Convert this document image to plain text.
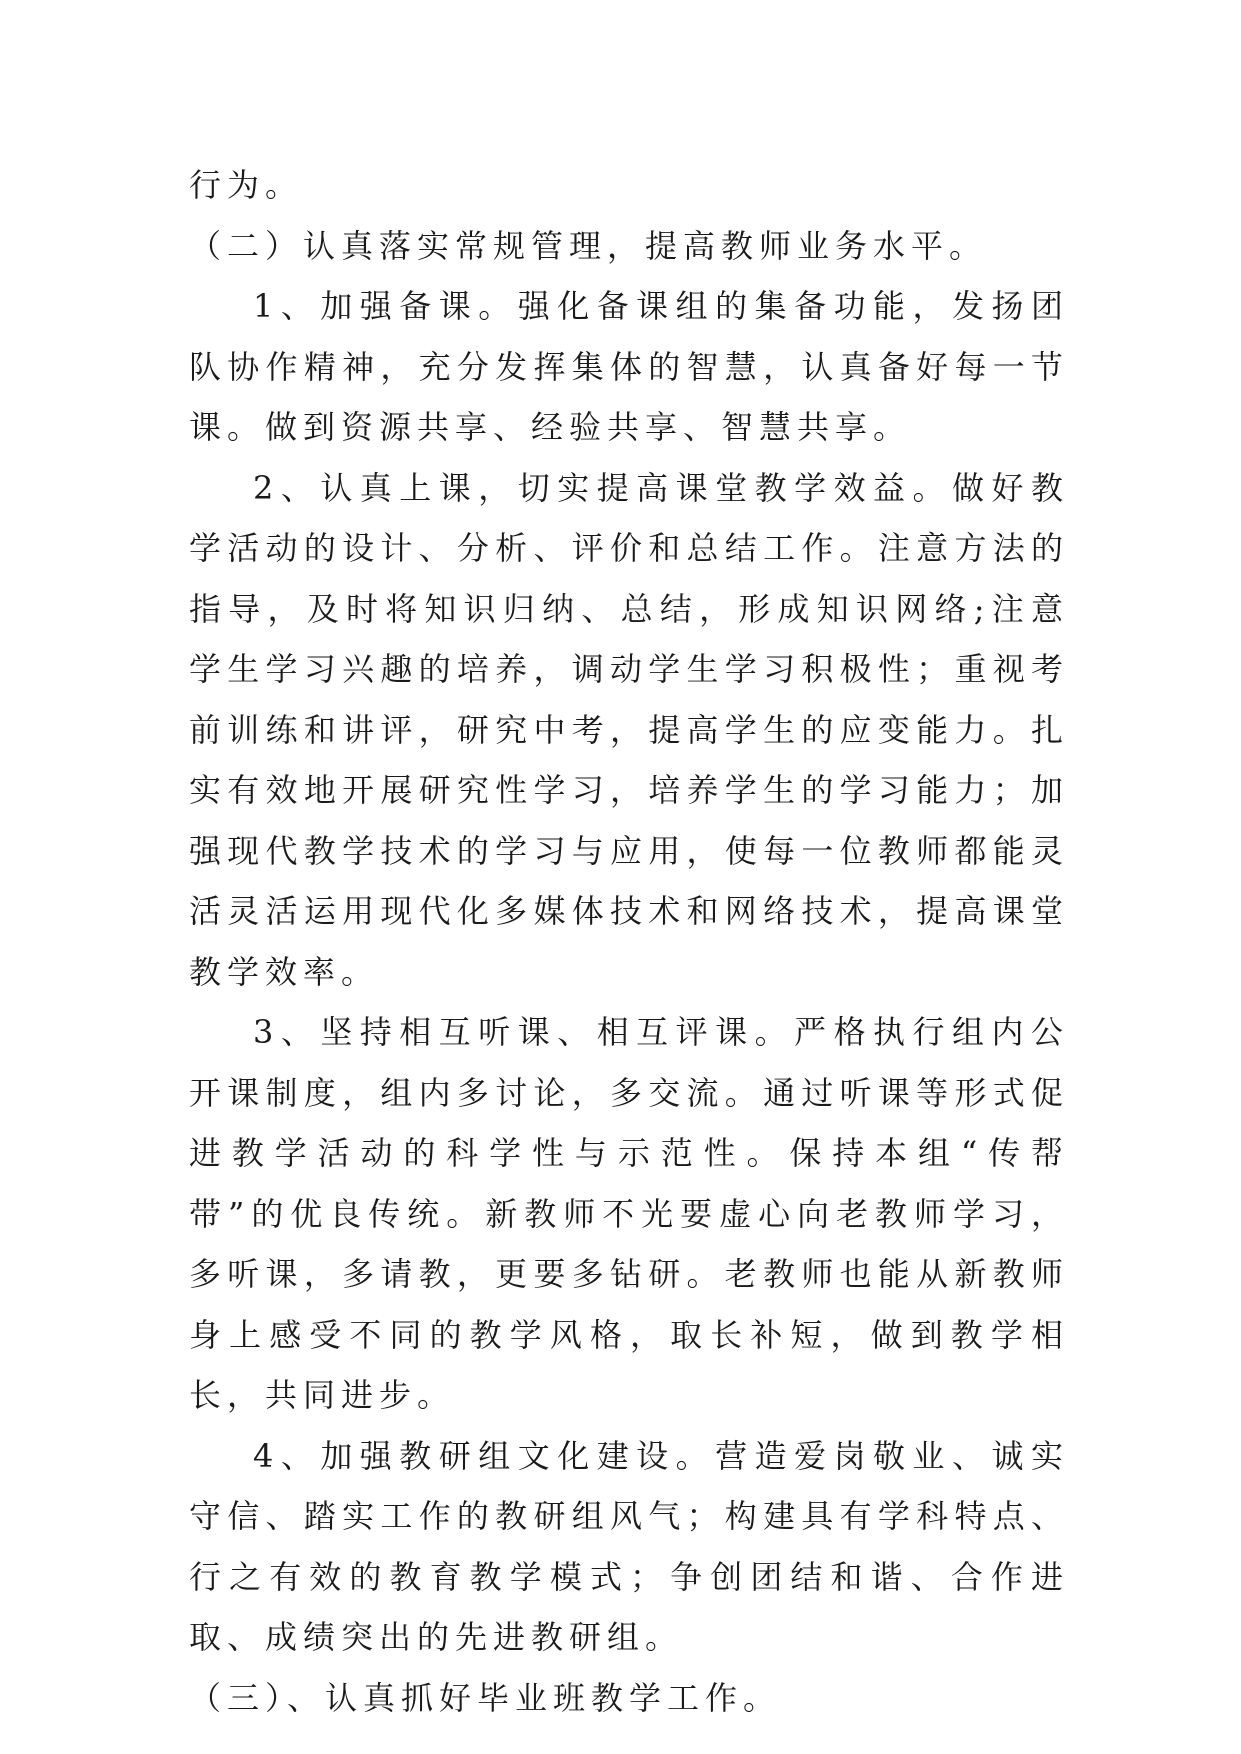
行为。

（二）认真落实常规管理，提高教师业务水平。

1、加强备课。强化备课组的集备功能，发扬团队协作精神，充分发挥集体的智慧，认真备好每一节课。做到资源共享、经验共享、智慧共享。

2、认真上课，切实提高课堂教学效益。做好教学活动的设计、分析、评价和总结工作。注意方法的指导，及时将知识归纳、总结，形成知识网络;注意学生学习兴趣的培养，调动学生学习积极性；重视考前训练和讲评，研究中考，提高学生的应变能力。扎实有效地开展研究性学习，培养学生的学习能力；加强现代教学技术的学习与应用，使每一位教师都能灵活灵活运用现代化多媒体技术和网络技术，提高课堂教学效率。

3、坚持相互听课、相互评课。严格执行组内公开课制度，组内多讨论，多交流。通过听课等形式促进教学活动的科学性与示范性。保持本组“传帮带”的优良传统。新教师不光要虚心向老教师学习，多听课，多请教，更要多钻研。老教师也能从新教师身上感受不同的教学风格，取长补短，做到教学相长，共同进步。

4、加强教研组文化建设。营造爱岗敬业、诚实守信、踏实工作的教研组风气；构建具有学科特点、行之有效的教育教学模式；争创团结和谐、合作进取、成绩突出的先进教研组。

（三）、认真抓好毕业班教学工作。
